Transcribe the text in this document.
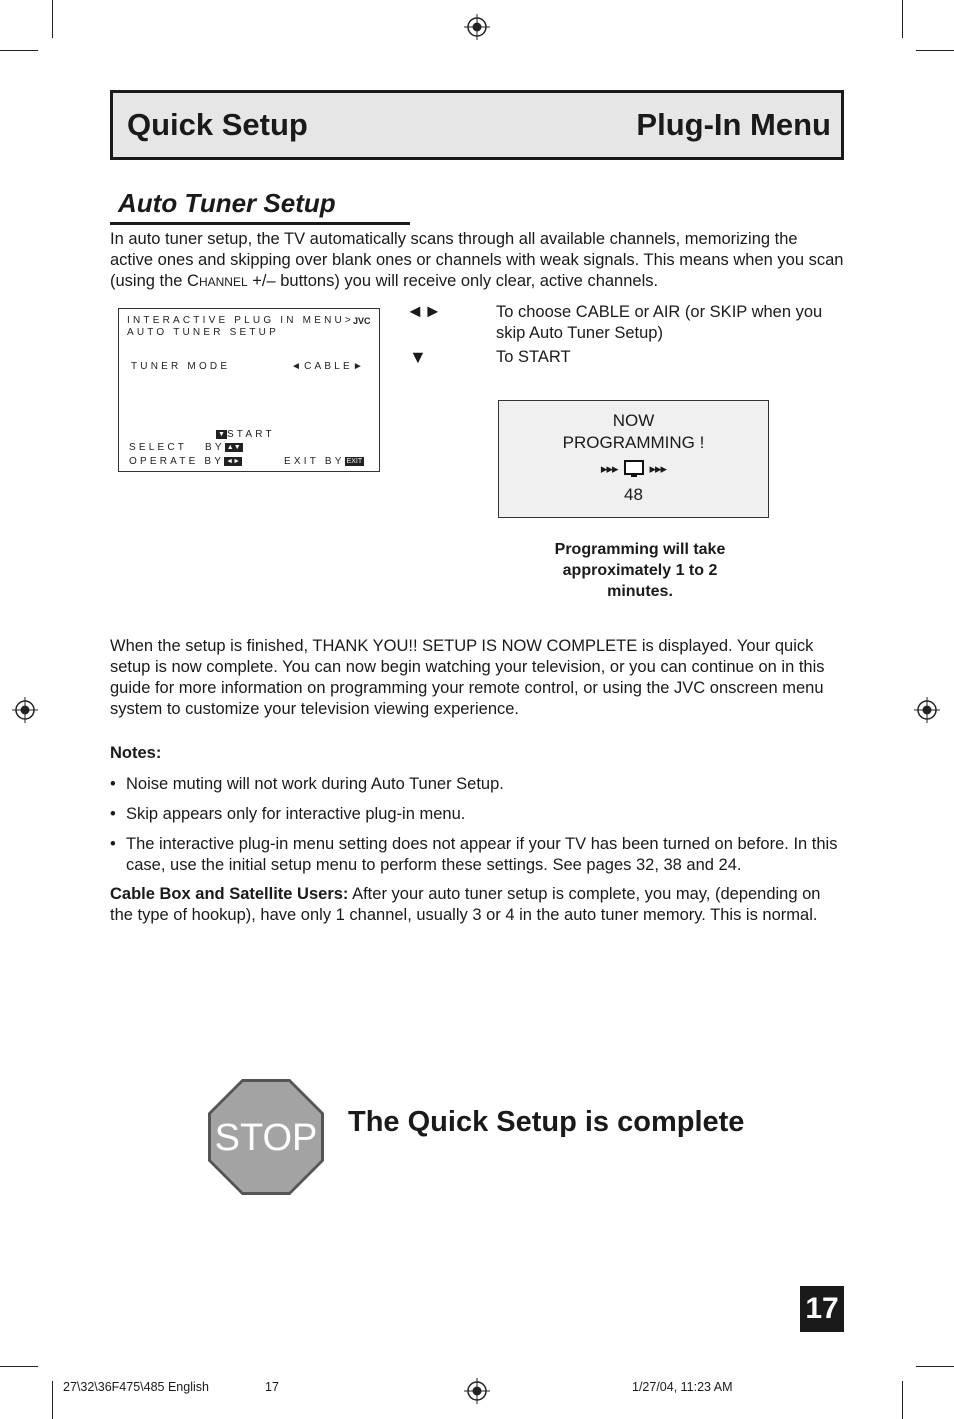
Quick Setup	Plug-In Menu
Auto Tuner Setup
In auto tuner setup, the TV automatically scans through all available channels, memorizing the active ones and skipping over blank ones or channels with weak signals. This means when you scan (using the Channel +/– buttons) you will receive only clear, active channels.
INTERACTIVE PLUG IN MENU> JVC
AUTO TUNER SETUP
TUNER MODE	◄CABLE►
▼ START
SELECT BY ▲▼
OPERATE BY ◄►	EXIT BY EXIT
◄►	To choose CABLE or AIR (or SKIP when you skip Auto Tuner Setup)
▼	To START
NOW
PROGRAMMING !
▸▸▸ ▸▸▸
48
Programming will take approximately 1 to 2 minutes.
When the setup is finished, THANK YOU!! SETUP IS NOW COMPLETE is displayed. Your quick setup is now complete. You can now begin watching your television, or you can continue on in this guide for more information on programming your remote control, or using the JVC onscreen menu system to customize your television viewing experience.
Notes:
• Noise muting will not work during Auto Tuner Setup.
• Skip appears only for interactive plug-in menu.
• The interactive plug-in menu setting does not appear if your TV has been turned on before. In this case, use the initial setup menu to perform these settings. See pages 32, 38 and 24.
Cable Box and Satellite Users: After your auto tuner setup is complete, you may, (depending on the type of hookup), have only 1 channel, usually 3 or 4 in the auto tuner memory. This is normal.
STOP The Quick Setup is complete
17
27\32\36F475\485 English	17	1/27/04, 11:23 AM
